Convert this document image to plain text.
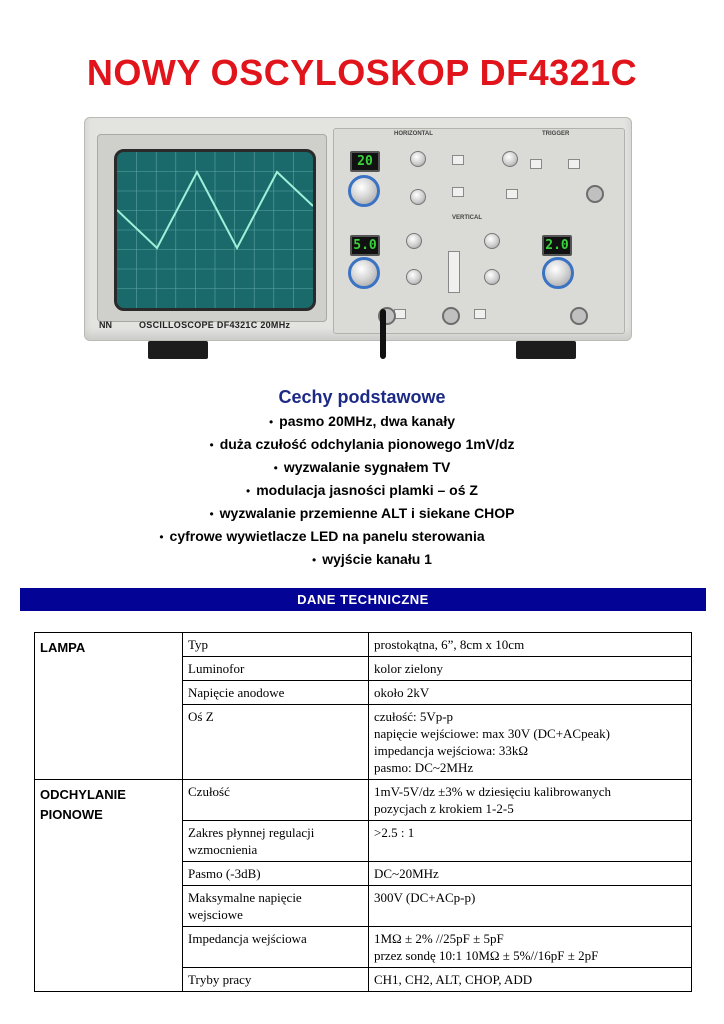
NOWY OSCYLOSKOP DF4321C
NN	OSCILLOSCOPE DF4321C 20MHz
HORIZONTAL	TRIGGER
VERTICAL
20
5.0	2.0
Cechy podstawowe
• pasmo 20MHz, dwa kanały
• duża czułość odchylania pionowego 1mV/dz
• wyzwalanie sygnałem TV
• modulacja jasności plamki – oś Z
• wyzwalanie przemienne ALT i siekane CHOP
• cyfrowe wywietlacze LED na panelu sterowania
• wyjście kanału 1
DANE TECHNICZNE
LAMPA	Typ	prostokątna, 6”, 8cm x 10cm

	Luminofor	kolor zielony

	Napięcie anodowe	około 2kV

	Oś Z	czułość: 5Vp-p
napięcie wejściowe: max 30V (DC+ACpeak)
impedancja wejściowa: 33kΩ
pasmo: DC~2MHz

ODCHYLANIE
PIONOWE	Czułość	1mV-5V/dz ±3% w dziesięciu kalibrowanych
pozycjach z krokiem 1-2-5

	Zakres płynnej regulacji
wzmocnienia	>2.5 : 1

	Pasmo (-3dB)	DC~20MHz

	Maksymalne napięcie
wejsciowe	300V (DC+ACp-p)

	Impedancja wejściowa	1MΩ ± 2% //25pF ± 5pF
przez sondę 10:1 10MΩ ± 5%//16pF ± 2pF

	Tryby pracy	CH1, CH2, ALT, CHOP, ADD
